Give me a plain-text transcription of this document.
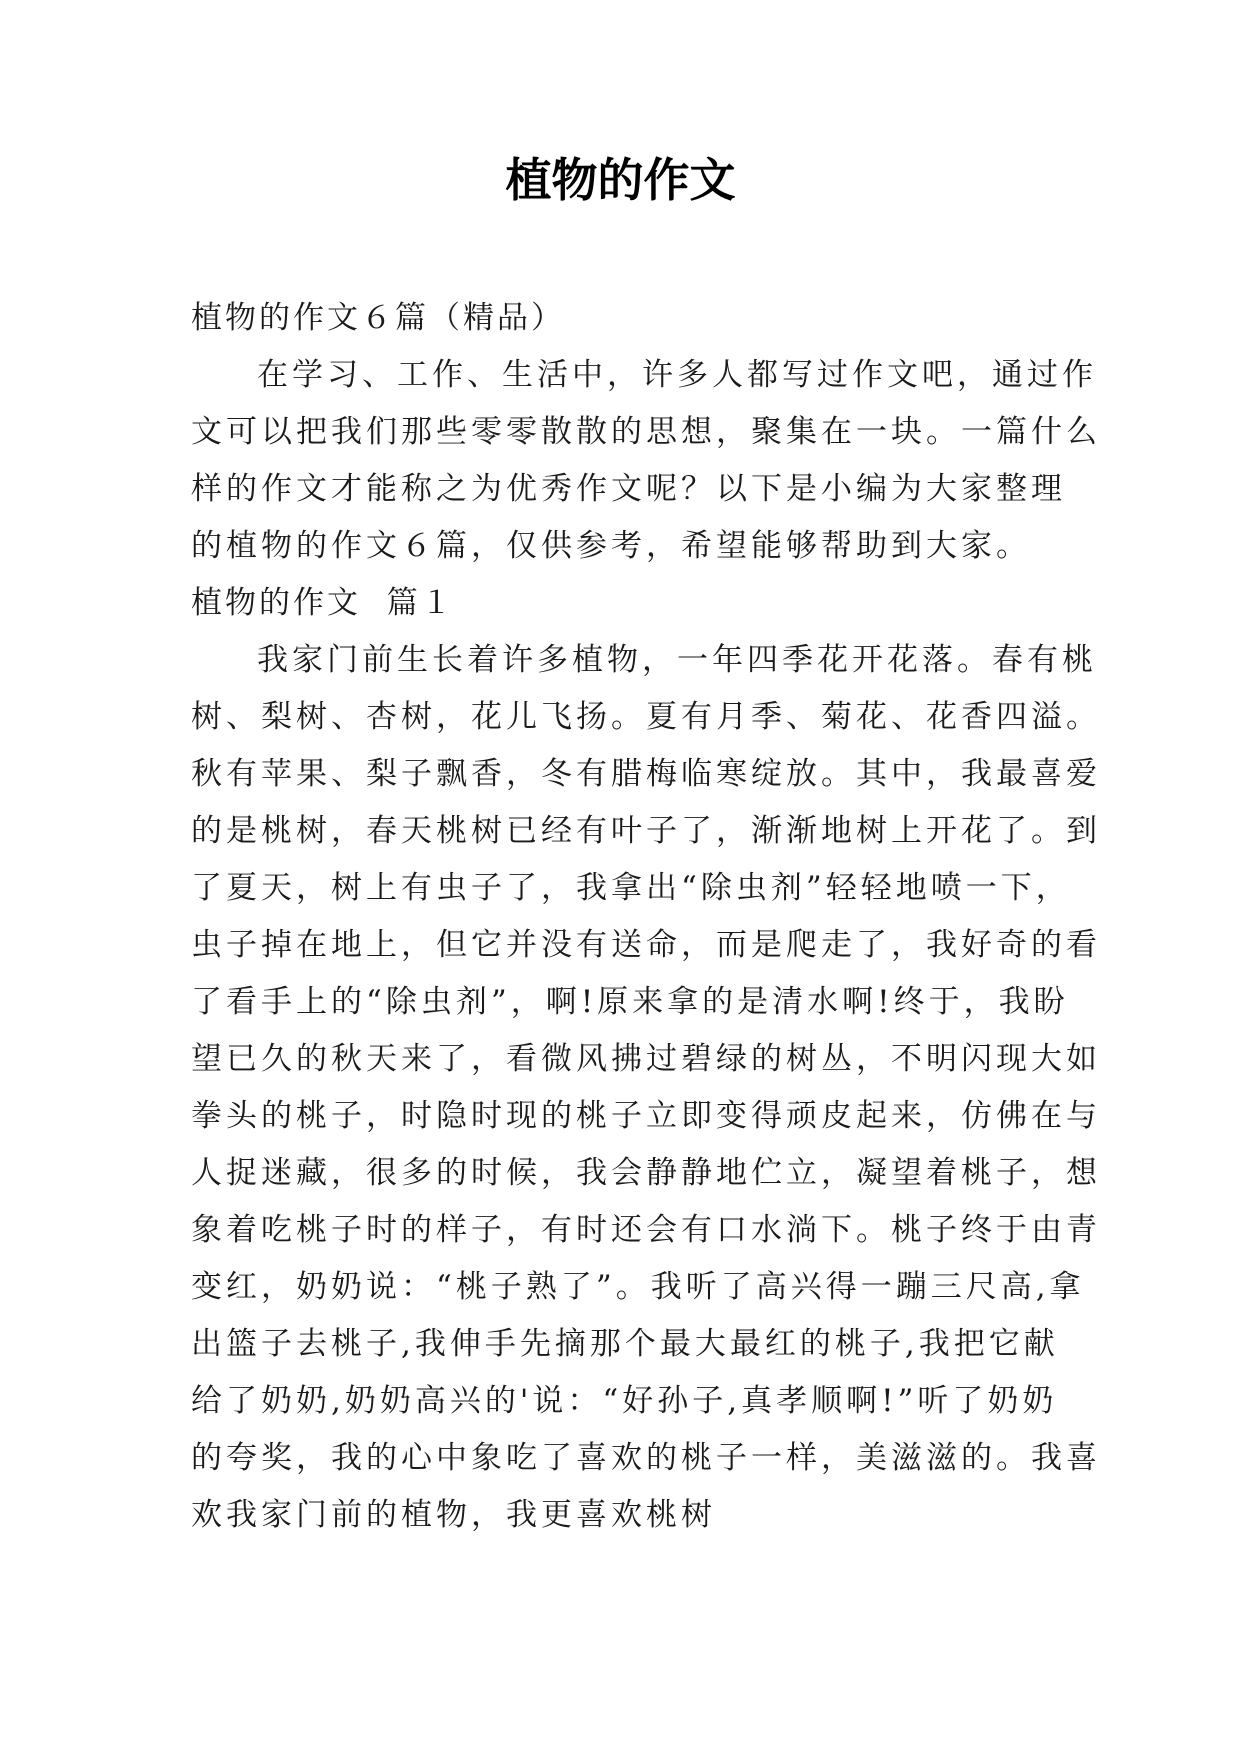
植物的作文

植物的作文６篇（精品）

在学习、工作、生活中，许多人都写过作文吧，通过作

文可以把我们那些零零散散的思想，聚集在一块。一篇什么

样的作文才能称之为优秀作文呢？以下是小编为大家整理

的植物的作文６篇，仅供参考，希望能够帮助到大家。

植物的作文  篇１

我家门前生长着许多植物，一年四季花开花落。春有桃

树、梨树、杏树，花儿飞扬。夏有月季、菊花、花香四溢。

秋有苹果、梨子飘香，冬有腊梅临寒绽放。其中，我最喜爱

的是桃树，春天桃树已经有叶子了，渐渐地树上开花了。到

了夏天，树上有虫子了，我拿出“除虫剂”轻轻地喷一下，

虫子掉在地上，但它并没有送命，而是爬走了，我好奇的看

了看手上的“除虫剂”，啊!原来拿的是清水啊!终于，我盼

望已久的秋天来了，看微风拂过碧绿的树丛，不明闪现大如

拳头的桃子，时隐时现的桃子立即变得顽皮起来，仿佛在与

人捉迷藏，很多的时候，我会静静地伫立，凝望着桃子，想

象着吃桃子时的样子，有时还会有口水淌下。桃子终于由青

变红，奶奶说：“桃子熟了”。我听了高兴得一蹦三尺高,拿

出篮子去桃子,我伸手先摘那个最大最红的桃子,我把它献

给了奶奶,奶奶高兴的'说：“好孙子,真孝顺啊!”听了奶奶

的夸奖，我的心中象吃了喜欢的桃子一样，美滋滋的。我喜

欢我家门前的植物，我更喜欢桃树
